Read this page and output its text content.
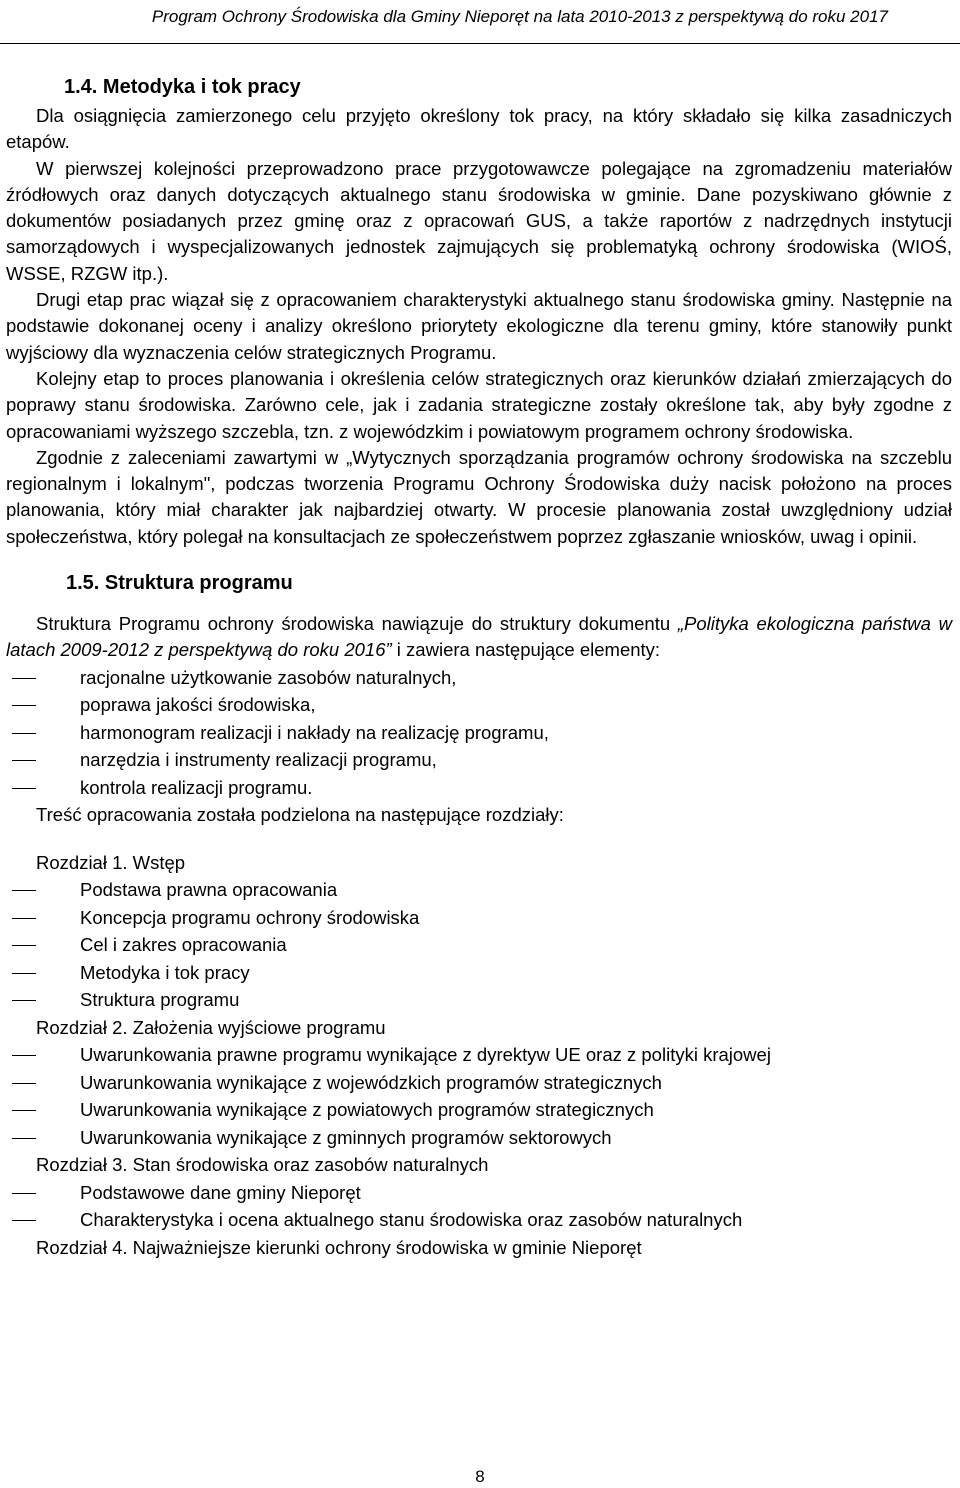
Program Ochrony Środowiska dla Gminy Nieporęt na lata 2010-2013 z perspektywą do roku 2017
1.4. Metodyka i tok pracy

Dla osiągnięcia zamierzonego celu przyjęto określony tok pracy, na który składało się kilka zasadniczych etapów.

W pierwszej kolejności przeprowadzono prace przygotowawcze polegające na zgromadzeniu materiałów źródłowych oraz danych dotyczących aktualnego stanu środowiska w gminie. Dane pozyskiwano głównie z dokumentów posiadanych przez gminę oraz z opracowań GUS, a także raportów z nadrzędnych instytucji samorządowych i wyspecjalizowanych jednostek zajmujących się problematyką ochrony środowiska (WIOŚ, WSSE, RZGW itp.).

Drugi etap prac wiązał się z opracowaniem charakterystyki aktualnego stanu środowiska gminy. Następnie na podstawie dokonanej oceny i analizy określono priorytety ekologiczne dla terenu gminy, które stanowiły punkt wyjściowy dla wyznaczenia celów strategicznych Programu.

Kolejny etap to proces planowania i określenia celów strategicznych oraz kierunków działań zmierzających do poprawy stanu środowiska. Zarówno cele, jak i zadania strategiczne zostały określone tak, aby były zgodne z opracowaniami wyższego szczebla, tzn. z wojewódzkim i powiatowym programem ochrony środowiska.

Zgodnie z zaleceniami zawartymi w „Wytycznych sporządzania programów ochrony środowiska na szczeblu regionalnym i lokalnym", podczas tworzenia Programu Ochrony Środowiska duży nacisk położono na proces planowania, który miał charakter jak najbardziej otwarty. W procesie planowania został uwzględniony udział społeczeństwa, który polegał na konsultacjach ze społeczeństwem poprzez zgłaszanie wniosków, uwag i opinii.

1.5. Struktura programu

Struktura Programu ochrony środowiska nawiązuje do struktury dokumentu „Polityka ekologiczna państwa w latach 2009-2012 z perspektywą do roku 2016” i zawiera następujące elementy:

racjonalne użytkowanie zasobów naturalnych,
poprawa jakości środowiska,
harmonogram realizacji i nakłady na realizację programu,
narzędzia i instrumenty realizacji programu,
kontrola realizacji programu.
Treść opracowania została podzielona na następujące rozdziały:
Rozdział 1. Wstęp
Podstawa prawna opracowania
Koncepcja programu ochrony środowiska
Cel i zakres opracowania
Metodyka i tok pracy
Struktura programu
Rozdział 2. Założenia wyjściowe programu
Uwarunkowania prawne programu wynikające z dyrektyw UE oraz z polityki krajowej
Uwarunkowania wynikające z wojewódzkich programów strategicznych
Uwarunkowania wynikające z powiatowych programów strategicznych
Uwarunkowania wynikające z gminnych programów sektorowych
Rozdział 3. Stan środowiska oraz zasobów naturalnych
Podstawowe dane gminy Nieporęt
Charakterystyka i ocena aktualnego stanu środowiska oraz zasobów naturalnych
Rozdział 4. Najważniejsze kierunki ochrony środowiska w gminie Nieporęt
8
